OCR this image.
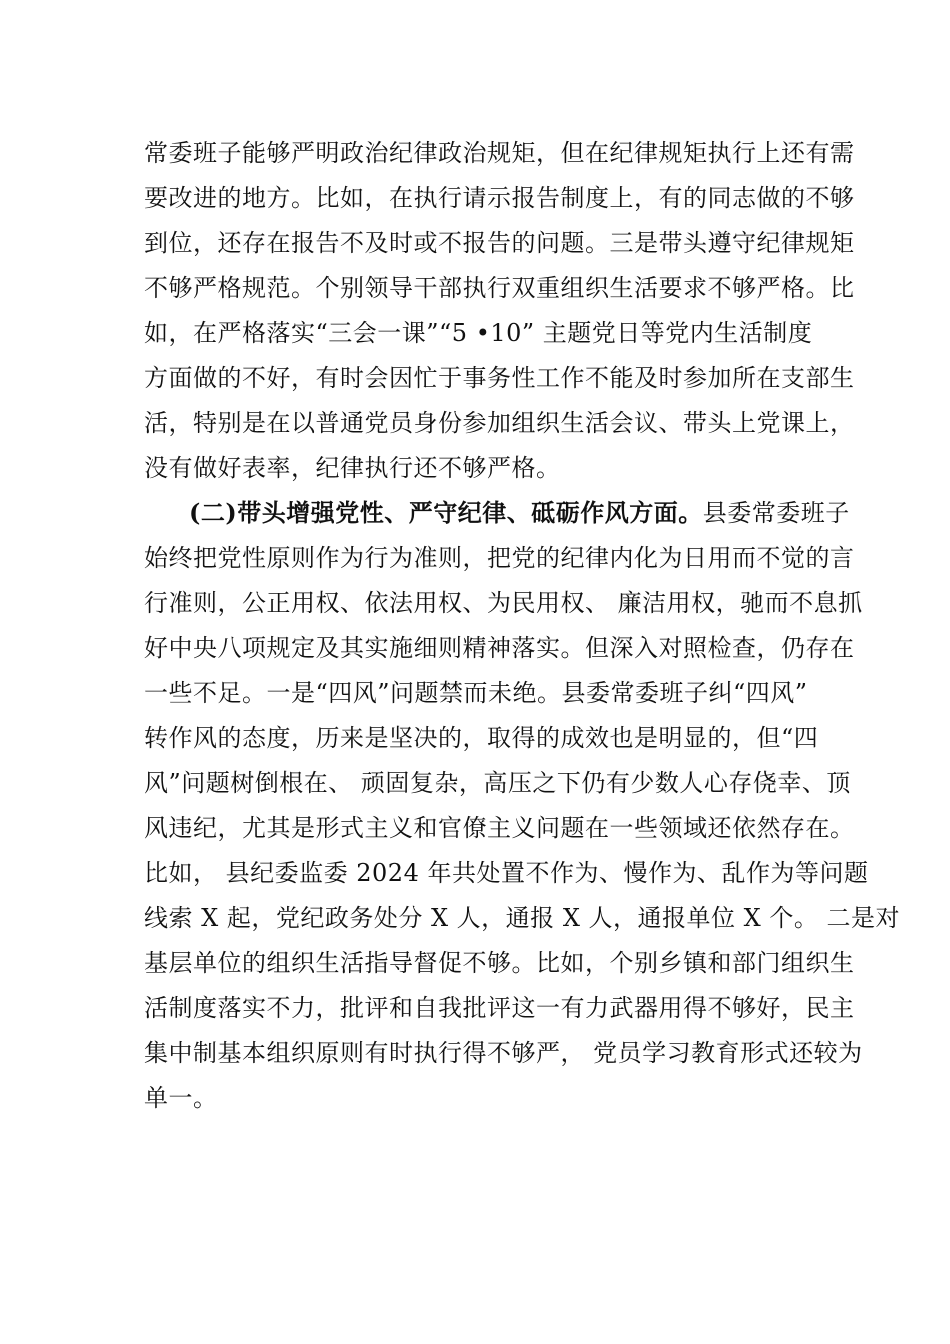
常委班子能够严明政治纪律政治规矩，但在纪律规矩执行上还有需
要改进的地方。比如，在执行请示报告制度上，有的同志做的不够
到位，还存在报告不及时或不报告的问题。三是带头遵守纪律规矩
不够严格规范。个别领导干部执行双重组织生活要求不够严格。比
如，在严格落实“三会一课”“5 •10” 主题党日等党内生活制度
方面做的不好，有时会因忙于事务性工作不能及时参加所在支部生
活，特别是在以普通党员身份参加组织生活会议、带头上党课上，
没有做好表率，纪律执行还不够严格。
(二)带头增强党性、严守纪律、砥砺作风方面。县委常委班子
始终把党性原则作为行为准则，把党的纪律内化为日用而不觉的言
行准则，公正用权、依法用权、为民用权、 廉洁用权，驰而不息抓
好中央八项规定及其实施细则精神落实。但深入对照检查，仍存在
一些不足。一是“四风”问题禁而未绝。县委常委班子纠“四风”
转作风的态度，历来是坚决的，取得的成效也是明显的，但“四
风”问题树倒根在、 顽固复杂，高压之下仍有少数人心存侥幸、顶
风违纪，尤其是形式主义和官僚主义问题在一些领域还依然存在。
比如， 县纪委监委 2024 年共处置不作为、慢作为、乱作为等问题
线索 X 起，党纪政务处分 X 人，通报 X 人，通报单位 X 个。 二是对
基层单位的组织生活指导督促不够。比如，个别乡镇和部门组织生
活制度落实不力，批评和自我批评这一有力武器用得不够好，民主
集中制基本组织原则有时执行得不够严， 党员学习教育形式还较为
单一。
